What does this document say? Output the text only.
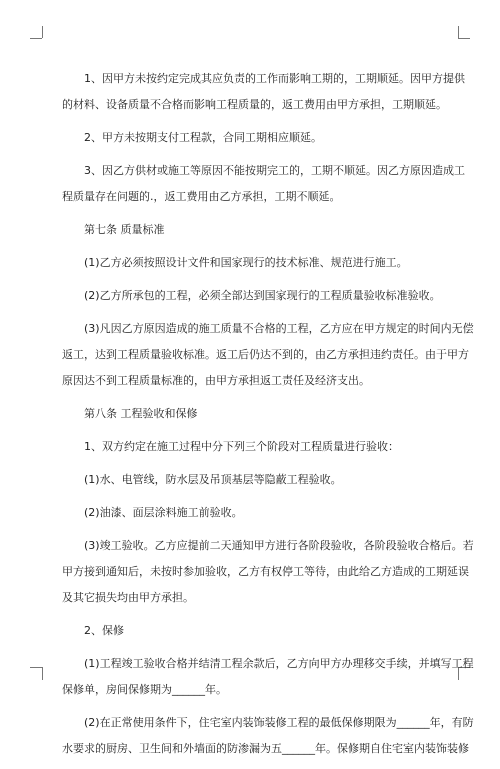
1、因甲方未按约定完成其应负责的工作而影响工期的，工期顺延。因甲方提供

的材料、设备质量不合格而影响工程质量的，返工费用由甲方承担，工期顺延。

2、甲方未按期支付工程款，合同工期相应顺延。

3、因乙方供材或施工等原因不能按期完工的，工期不顺延。因乙方原因造成工

程质量存在问题的.，返工费用由乙方承担，工期不顺延。

第七条 质量标准

(1)乙方必须按照设计文件和国家现行的技术标准、规范进行施工。

(2)乙方所承包的工程，必须全部达到国家现行的工程质量验收标准验收。

(3)凡因乙方原因造成的施工质量不合格的工程，乙方应在甲方规定的时间内无偿

返工，达到工程质量验收标准。返工后仍达不到的，由乙方承担违约责任。由于甲方

原因达不到工程质量标准的，由甲方承担返工责任及经济支出。

第八条 工程验收和保修

1、双方约定在施工过程中分下列三个阶段对工程质量进行验收：

(1)水、电管线，防水层及吊顶基层等隐蔽工程验收。

(2)油漆、面层涂料施工前验收。

(3)竣工验收。乙方应提前二天通知甲方进行各阶段验收，各阶段验收合格后。若

甲方接到通知后，未按时参加验收，乙方有权停工等待，由此给乙方造成的工期延误

及其它损失均由甲方承担。

2、保修

(1)工程竣工验收合格并结清工程余款后，乙方向甲方办理移交手续，并填写工程

保修单，房间保修期为______年。

(2)在正常使用条件下，住宅室内装饰装修工程的最低保修期限为______年，有防

水要求的厨房、卫生间和外墙面的防渗漏为五______年。保修期自住宅室内装饰装修
